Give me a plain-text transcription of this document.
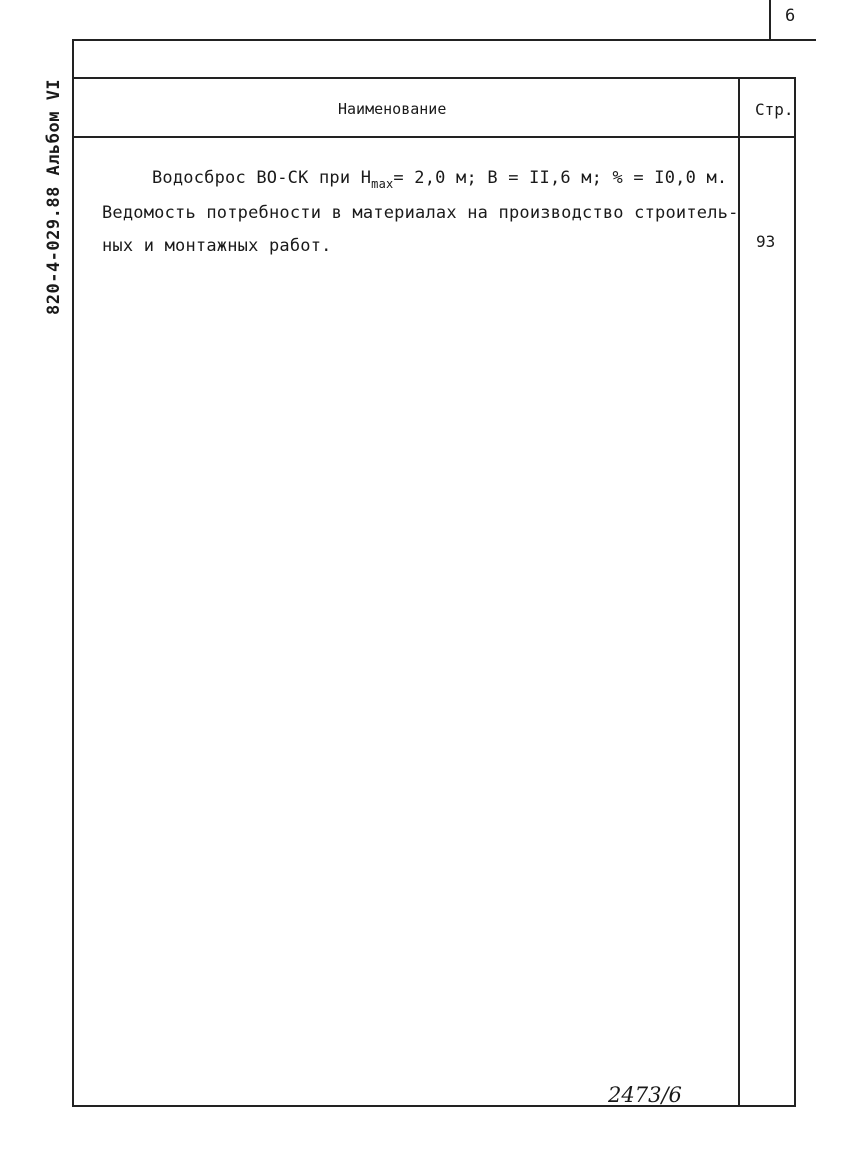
6
820-4-029.88 Альбом VI	Наименование	Стр.
Водосброс ВО-СК при $Н_{max}= 2,0$ м; В = II,6 м; % = I0,0 м.
Ведомость потребности в материалах на производство строитель-
ных и монтажных работ.	93
2473/6
